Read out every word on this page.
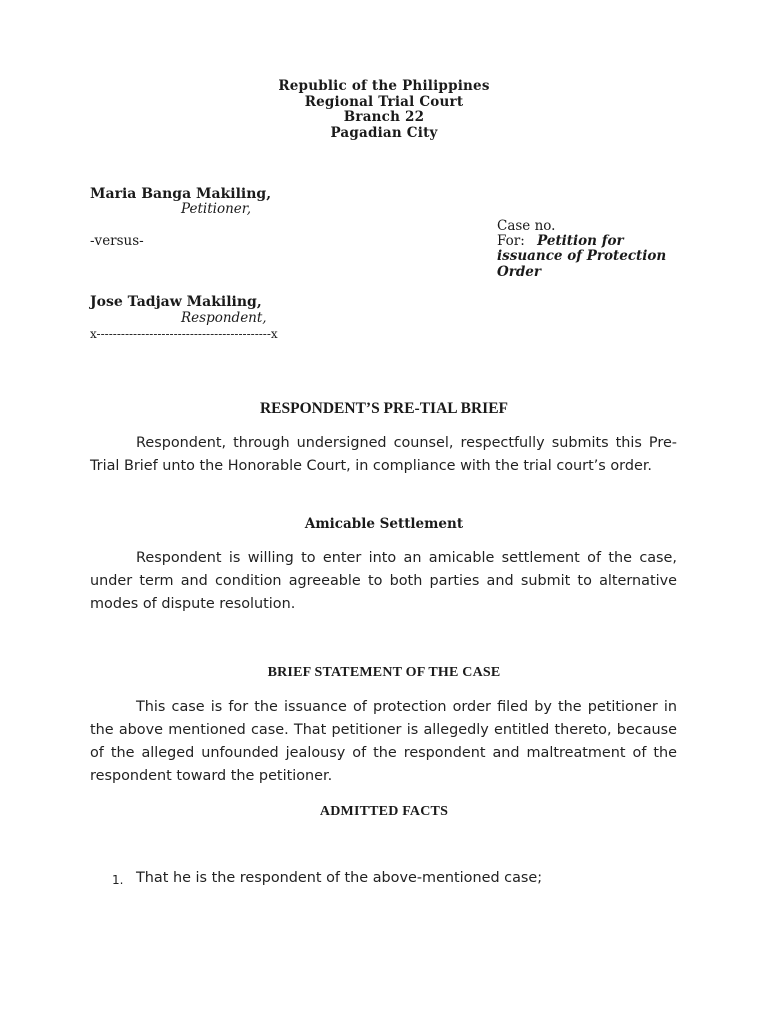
Republic of the Philippines
Regional Trial Court
Branch 22
Pagadian City
Maria Banga Makiling,
Petitioner,
-versus-
Jose Tadjaw Makiling,
Respondent,
x-------------------------------------------x
Case no.
For: Petition for
issuance of Protection
Order
RESPONDENT’S PRE-TIAL BRIEF
Respondent, through undersigned counsel, respectfully submits this Pre-Trial Brief unto the Honorable Court, in compliance with the trial court’s order.
Amicable Settlement
Respondent is willing to enter into an amicable settlement of the case, under term and condition agreeable to both parties and submit to alternative modes of dispute resolution.
BRIEF STATEMENT OF THE CASE
This case is for the issuance of protection order filed by the petitioner in the above mentioned case. That petitioner is allegedly entitled thereto, because of the alleged unfounded jealousy of the respondent and maltreatment of the respondent toward the petitioner.
ADMITTED FACTS
1. That he is the respondent of the above-mentioned case;
